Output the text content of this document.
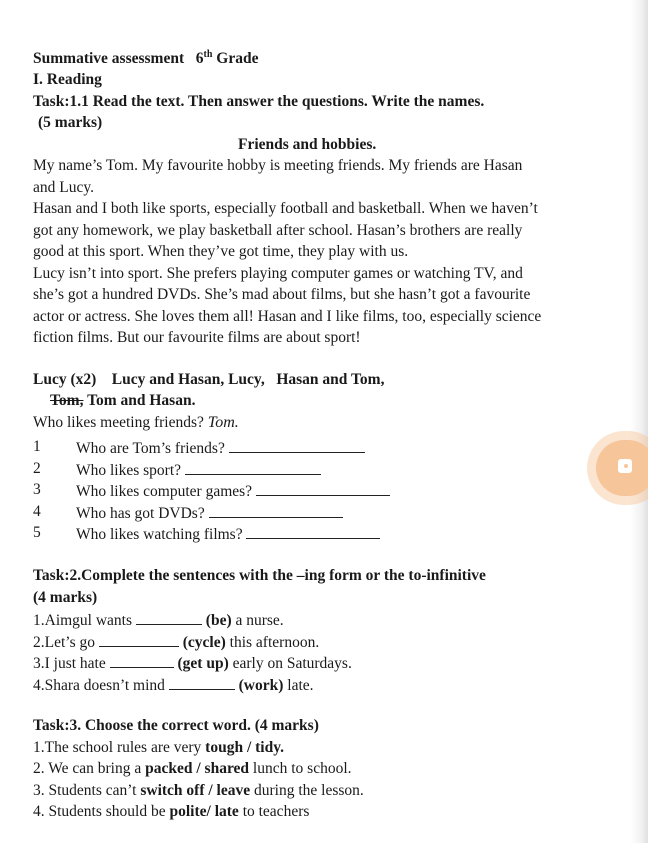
Summative assessment 6th Grade
I. Reading
Task:1.1 Read the text. Then answer the questions. Write the names.
(5 marks)
Friends and hobbies.
My name’s Tom. My favourite hobby is meeting friends. My friends are Hasan
and Lucy.
Hasan and I both like sports, especially football and basketball. When we haven’t
got any homework, we play basketball after school. Hasan’s brothers are really
good at this sport. When they’ve got time, they play with us.
Lucy isn’t into sport. She prefers playing computer games or watching TV, and
she’s got a hundred DVDs. She’s mad about films, but she hasn’t got a favourite
actor or actress. She loves them all! Hasan and I like films, too, especially science
fiction films. But our favourite films are about sport!
Lucy (x2) Lucy and Hasan, Lucy, Hasan and Tom,
Tom, Tom and Hasan.
Who likes meeting friends? Tom.
1 Who are Tom’s friends?
2 Who likes sport?
3 Who likes computer games?
4 Who has got DVDs?
5 Who likes watching films?
Task:2.Complete the sentences with the –ing form or the to-infinitive
(4 marks)
1.Aimgul wants	(be) a nurse.
2.Let’s go	(cycle) this afternoon.
3.I just hate	(get up) early on Saturdays.
4.Shara doesn’t mind	(work) late.
Task:3. Choose the correct word. (4 marks)
1.The school rules are very tough / tidy.
2. We can bring a packed / shared lunch to school.
3. Students can’t switch off / leave during the lesson.
4. Students should be polite/ late to teachers
